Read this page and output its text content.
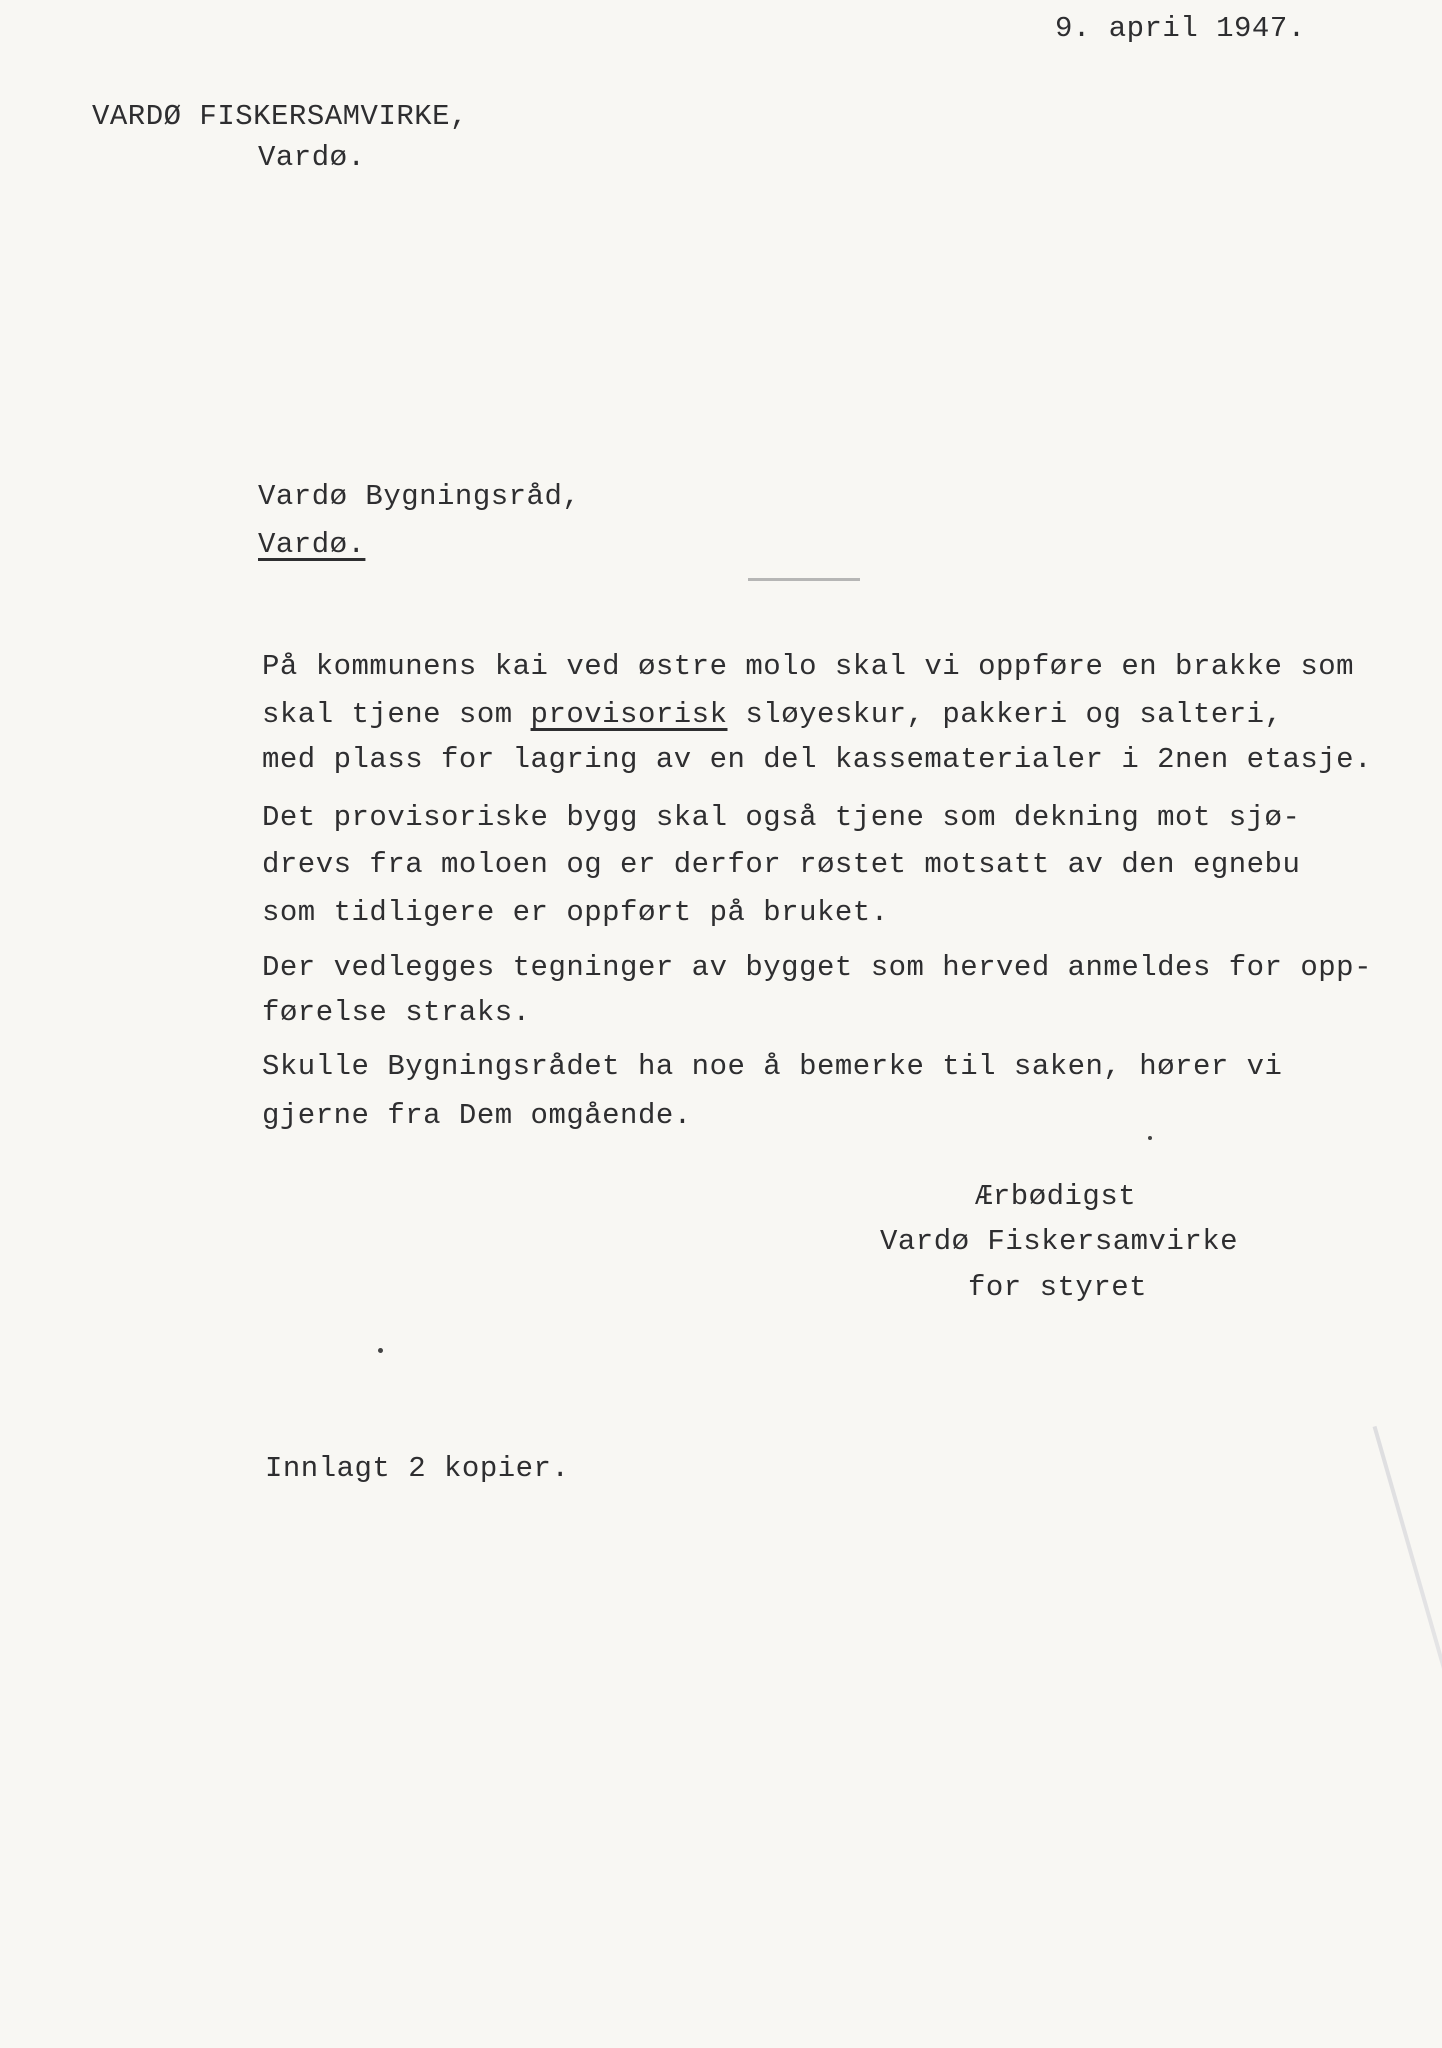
9. april 1947.
VARDØ FISKERSAMVIRKE,
Vardø.
Vardø Bygningsråd,
Vardø.
På kommunens kai ved østre molo skal vi oppføre en brakke som
skal tjene som provisorisk sløyeskur, pakkeri og salteri,
med plass for lagring av en del kassematerialer i 2nen etasje.
Det provisoriske bygg skal også tjene som dekning mot sjø-
drevs fra moloen og er derfor røstet motsatt av den egnebu
som tidligere er oppført på bruket.
Der vedlegges tegninger av bygget som herved anmeldes for opp-
førelse straks.
Skulle Bygningsrådet ha noe å bemerke til saken, hører vi
gjerne fra Dem omgående.
Ærbødigst
Vardø Fiskersamvirke
for styret
Innlagt 2 kopier.
